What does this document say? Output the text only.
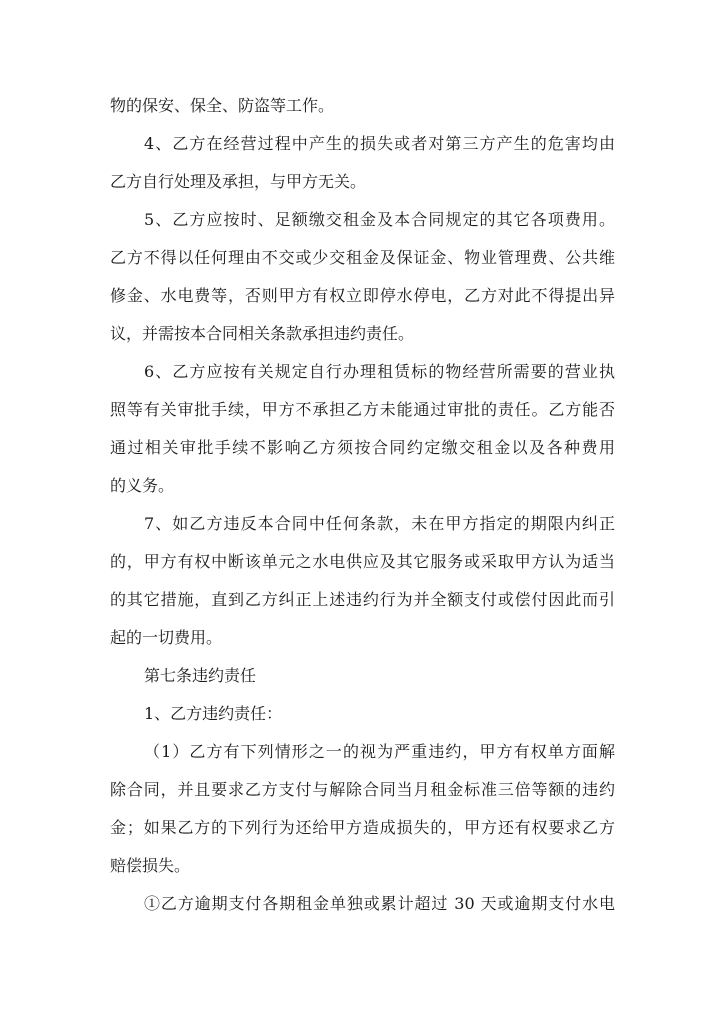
物的保安、保全、防盗等工作。
4、乙方在经营过程中产生的损失或者对第三方产生的危害均由
乙方自行处理及承担，与甲方无关。
5、乙方应按时、足额缴交租金及本合同规定的其它各项费用。
乙方不得以任何理由不交或少交租金及保证金、物业管理费、公共维
修金、水电费等，否则甲方有权立即停水停电，乙方对此不得提出异
议，并需按本合同相关条款承担违约责任。
6、乙方应按有关规定自行办理租赁标的物经营所需要的营业执
照等有关审批手续，甲方不承担乙方未能通过审批的责任。乙方能否
通过相关审批手续不影响乙方须按合同约定缴交租金以及各种费用
的义务。
7、如乙方违反本合同中任何条款，未在甲方指定的期限内纠正
的，甲方有权中断该单元之水电供应及其它服务或采取甲方认为适当
的其它措施，直到乙方纠正上述违约行为并全额支付或偿付因此而引
起的一切费用。
第七条违约责任
1、乙方违约责任：
（1）乙方有下列情形之一的视为严重违约，甲方有权单方面解
除合同，并且要求乙方支付与解除合同当月租金标准三倍等额的违约
金；如果乙方的下列行为还给甲方造成损失的，甲方还有权要求乙方
赔偿损失。
①乙方逾期支付各期租金单独或累计超过 30 天或逾期支付水电
